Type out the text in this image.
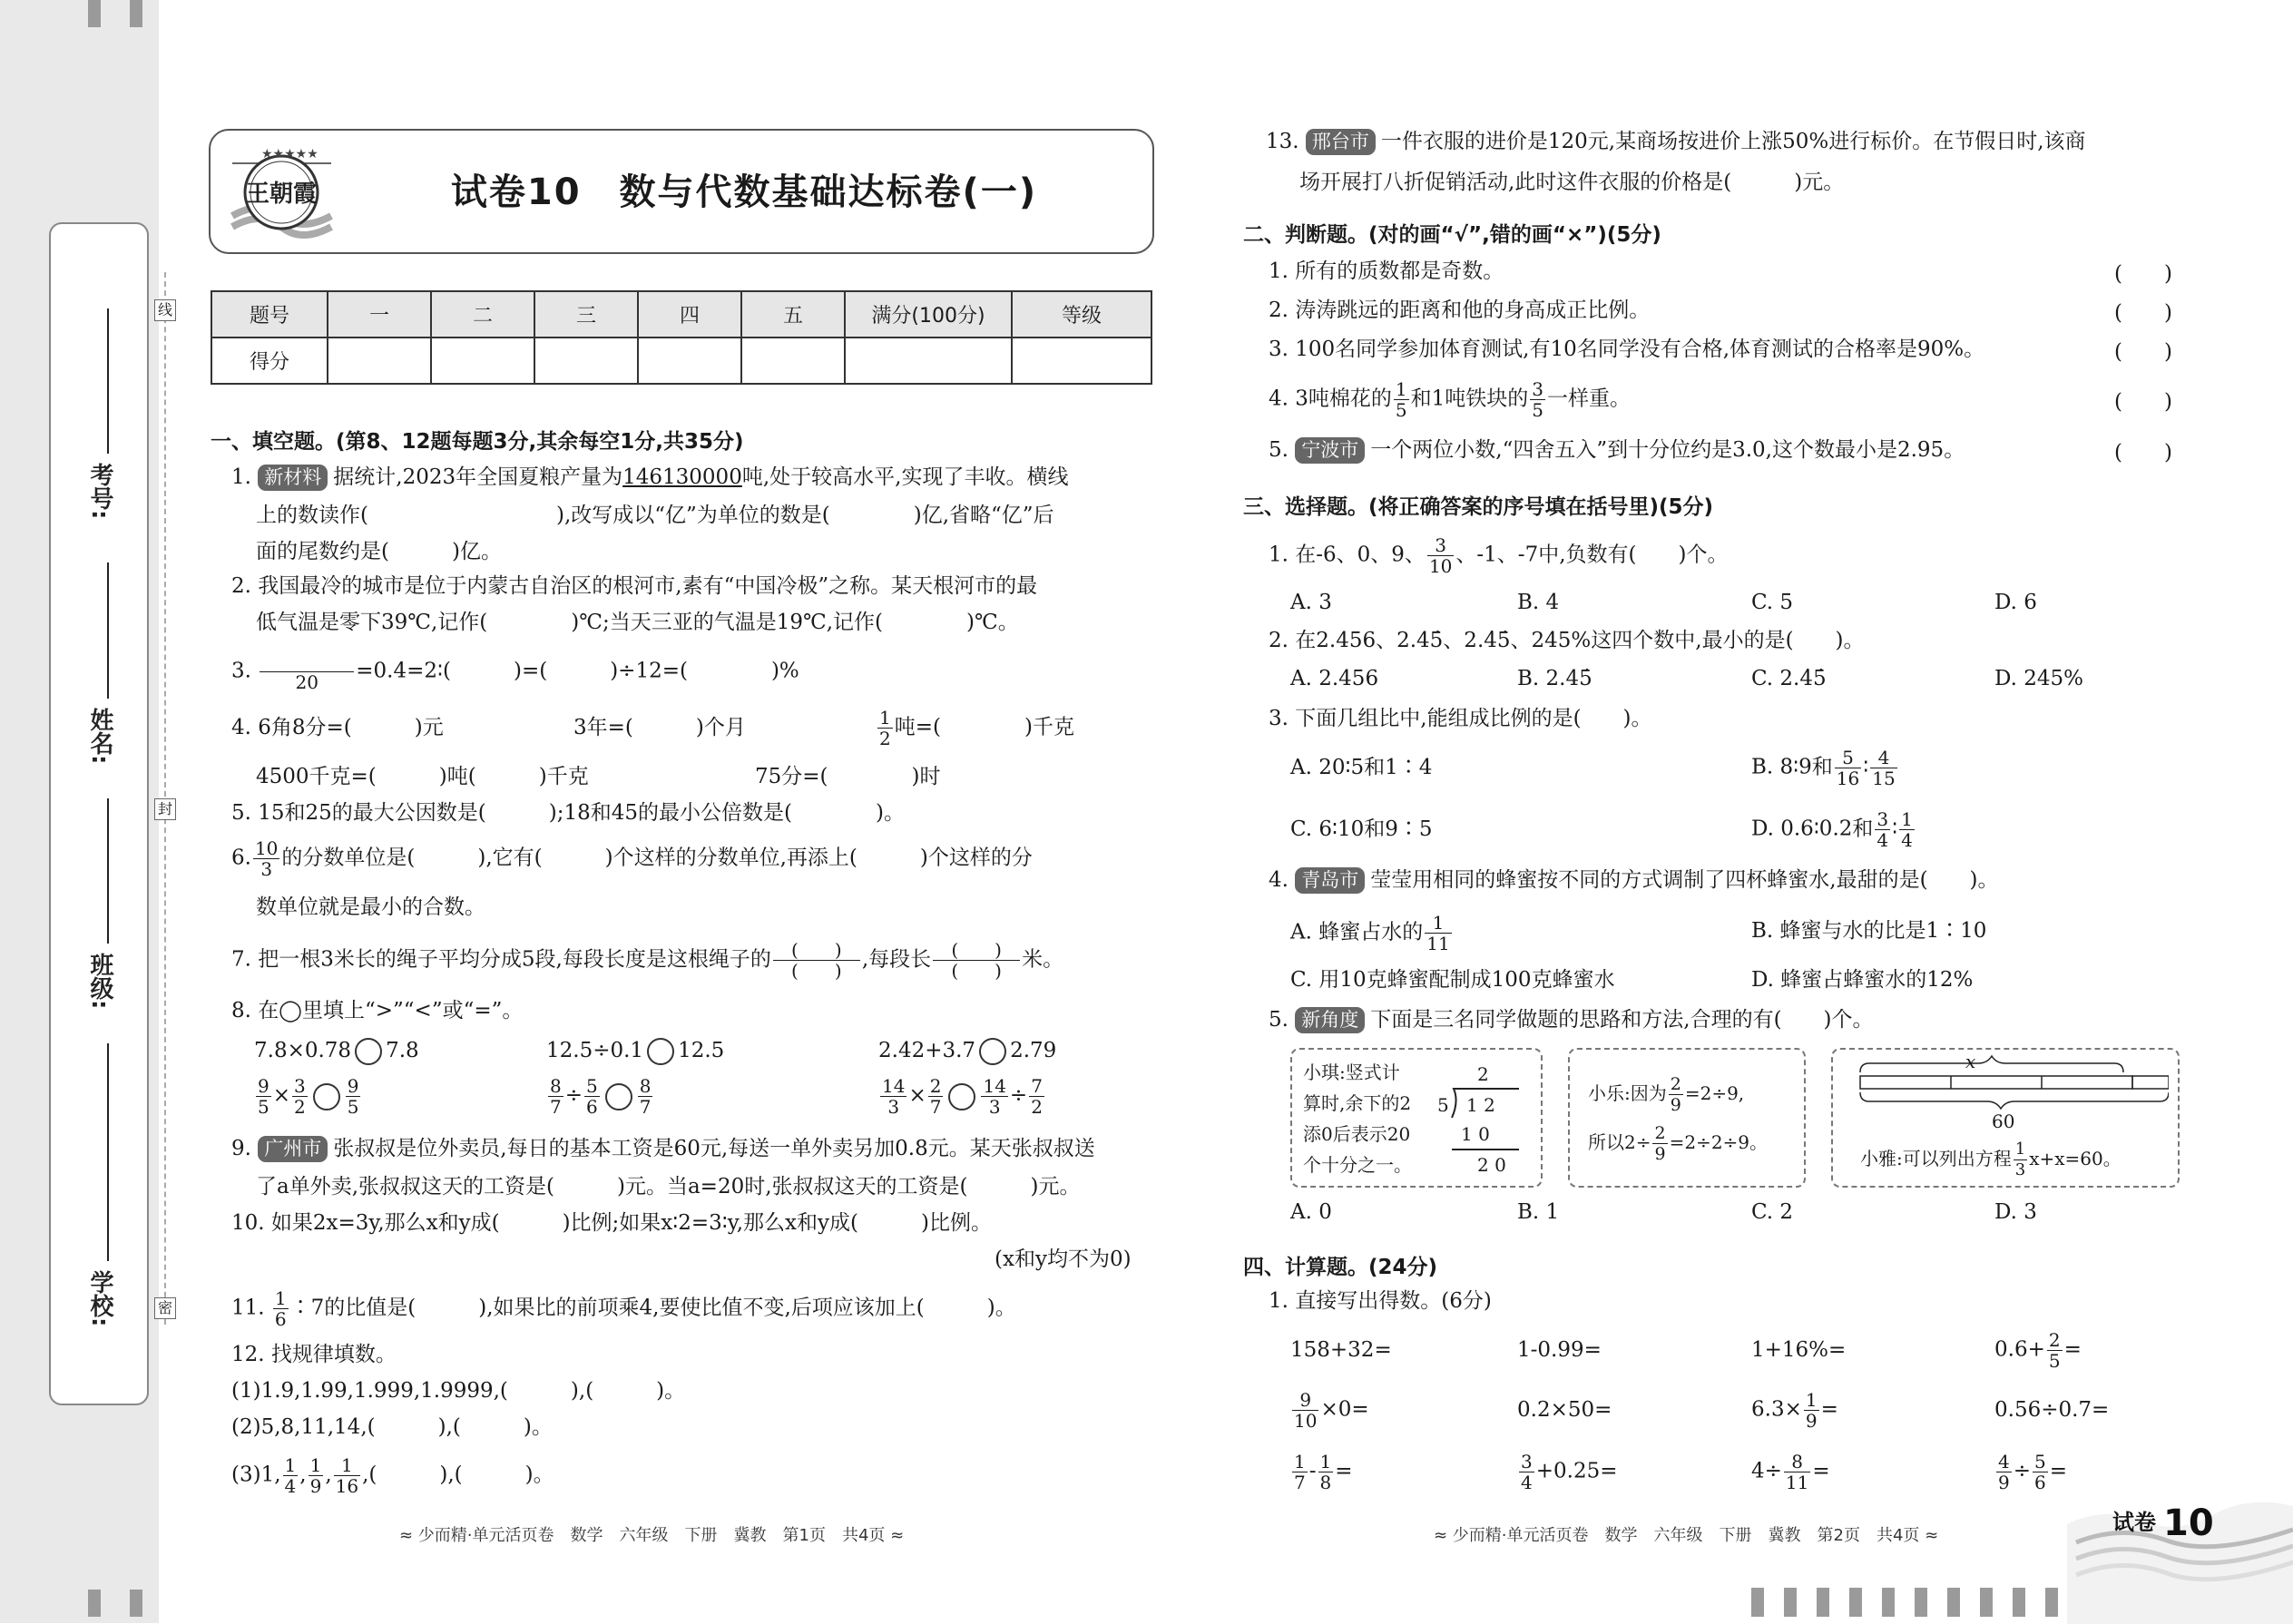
考号:
姓名:
班级:
学校:
线
封
密
★★★★★
王朝霞	试卷10　数与代数基础达标卷(一)
题号	一	二	三	四	五	满分(100分)	等级
得分							
一、填空题。(第8、12题每题3分,其余每空1分,共35分)
1. 新材料 据统计,2023年全国夏粮产量为146130000吨,处于较高水平,实现了丰收。横线
上的数读作(　　　　　　　　　),改写成以“亿”为单位的数是(　　　　)亿,省略“亿”后
面的尾数约是(　　　)亿。
2. 我国最冷的城市是位于内蒙古自治区的根河市,素有“中国冷极”之称。某天根河市的最
低气温是零下39℃,记作(　　　　)℃;当天三亚的气温是19℃,记作(　　　　)℃。
3.
	20	=0.4=2∶(　　　)=(　　　)÷12=(　　　　)%
4. 6角8分=(　　　)元	3年=(　　　)个月	$\frac{1}{2}$ 吨=(　　　　)千克
4500千克=(　　　)吨(　　　)千克	75分=(　　　　)时
5. 15和25的最大公因数是(　　　);18和45的最小公倍数是(　　　　)。
6. $\frac{10}{3}$ 的分数单位是(　　　),它有(　　　)个这样的分数单位,再添上(　　　)个这样的分
数单位就是最小的合数。
7. 把一根3米长的绳子平均分成5段,每段长度是这根绳子的	(　　)
(　　) ,每段长	(　　)
(　　) 米。
8. 在◯里填上“>”“<”或“=”。
7.8×0.78 7.8	12.5÷0.1 12.5	2.42+3.7 2.79
$\frac{9}{5} \times \frac{3}{2} \frac{9}{5}$	$\frac{8}{7} \div \frac{5}{6} \frac{8}{7}$	$\frac{14}{3} \times \frac{2}{7} \frac{14}{3} \div \frac{7}{2}$
9. 广州市 张叔叔是位外卖员,每日的基本工资是60元,每送一单外卖另加0.8元。某天张叔叔送
了a单外卖,张叔叔这天的工资是(　　　)元。当a=20时,张叔叔这天的工资是(　　　)元。
10. 如果2x=3y,那么x和y成(　　　)比例;如果x∶2=3∶y,那么x和y成(　　　)比例。
(x和y均不为0)
11. $\frac{1}{6}$ ∶7的比值是(　　　),如果比的前项乘4,要使比值不变,后项应该加上(　　　)。
12. 找规律填数。
(1)1.9,1.99,1.999,1.9999,(　　　),(　　　)。
(2)5,8,11,14,(　　　),(　　　)。
(3)1, $\frac{1}{4}$ , $\frac{1}{9}$ , $\frac{1}{16}$ ,(　　　),(　　　)。
≈ 少而精·单元活页卷　数学　六年级　下册　冀教　第1页　共4页 ≈
13. 邢台市 一件衣服的进价是120元,某商场按进价上涨50%进行标价。在节假日时,该商
场开展打八折促销活动,此时这件衣服的价格是(　　　)元。
二、判断题。(对的画“√”,错的画“×”)(5分)
1. 所有的质数都是奇数。	(　　)
2. 涛涛跳远的距离和他的身高成正比例。	(　　)
3. 100名同学参加体育测试,有10名同学没有合格,体育测试的合格率是90%。	(　　)
4. 3吨棉花的 $\frac{1}{5}$ 和1吨铁块的 $\frac{3}{5}$ 一样重。	(　　)
5. 宁波市 一个两位小数,“四舍五入”到十分位约是3.0,这个数最小是2.95。	(　　)
三、选择题。(将正确答案的序号填在括号里)(5分)
1. 在-6、0、9、 $\frac{3}{10}$ 、-1、-7中,负数有(　　)个。
A. 3	B. 4	C. 5	D. 6
2. 在2.456、2.45̇、2.4̇5̇、245%这四个数中,最小的是(　　)。
A. 2.456	B. 2.45̇	C. 2.4̇5̇	D. 245%
3. 下面几组比中,能组成比例的是(　　)。
A. 20∶5和1∶4	B. 8∶9和 $\frac{5}{16}$ ∶ $\frac{4}{15}$
C. 6∶10和9∶5	D. 0.6∶0.2和 $\frac{3}{4}$ ∶ $\frac{1}{4}$
4. 青岛市 莹莹用相同的蜂蜜按不同的方式调制了四杯蜂蜜水,最甜的是(　　)。
A. 蜂蜜占水的 $\frac{1}{11}$	B. 蜂蜜与水的比是1∶10
C. 用10克蜂蜜配制成100克蜂蜜水	D. 蜂蜜占蜂蜜水的12%
5. 新角度 下面是三名同学做题的思路和方法,合理的有(　　)个。
小琪:竖式计
算时,余下的2
添0后表示20
个十分之一。
2
5 1 2
1 0
2 0
小乐:因为 $\frac{2}{9} =2\div 9$,
所以$2\div \frac{2}{9} =2\div 2\div 9$。
x
60
小雅:可以列出方程 $\frac{1}{3} x+x=60$。
A. 0	B. 1	C. 2	D. 3
四、计算题。(24分)
1. 直接写出得数。(6分)
158+32=	1-0.99=	1+16%=	$0.6+ \frac{2}{5}$ =
$\frac{9}{10} \times 0=$	0.2×50=	$6.3\times \frac{1}{9}$ =	0.56÷0.7=
$\frac{1}{7} - \frac{1}{8}$ =	$\frac{3}{4} +0.25=$	$4\div \frac{8}{11}$ =	$\frac{4}{9} \div \frac{5}{6}$ =
≈ 少而精·单元活页卷　数学　六年级　下册　冀教　第2页　共4页 ≈
试卷 10
